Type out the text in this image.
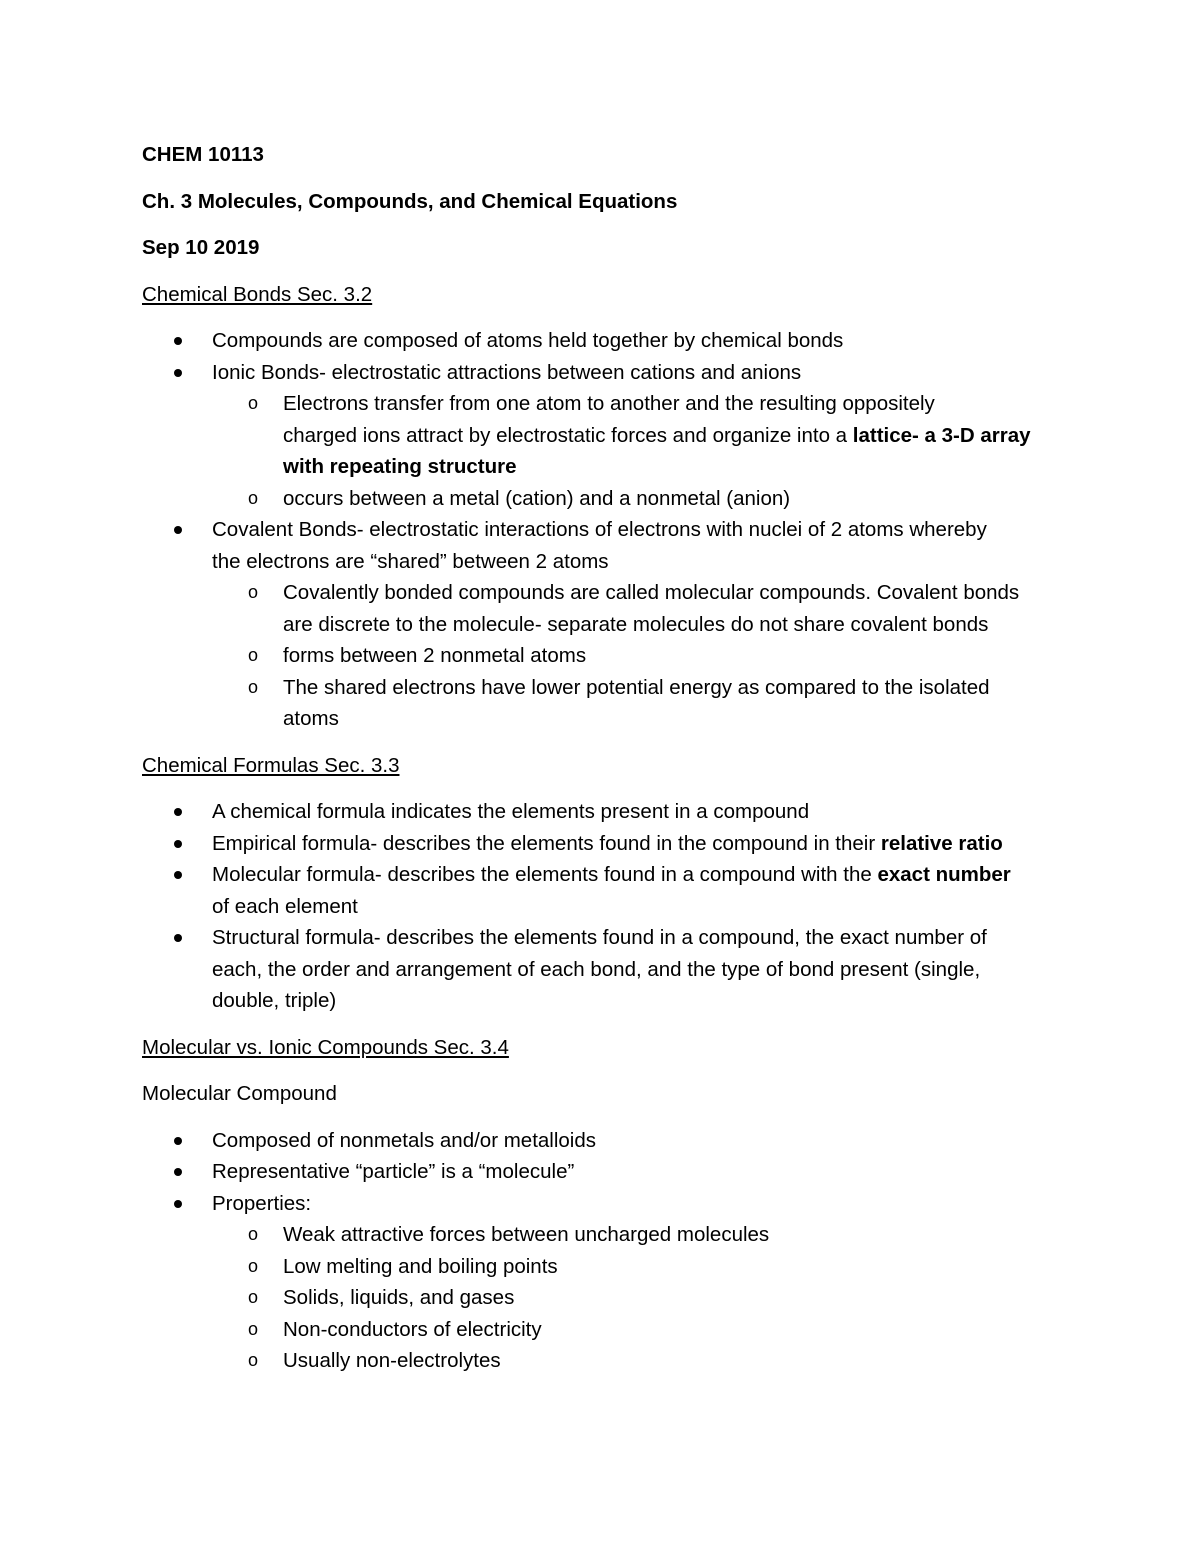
CHEM 10113
Ch. 3 Molecules, Compounds, and Chemical Equations
Sep 10 2019
Chemical Bonds Sec. 3.2
Compounds are composed of atoms held together by chemical bonds
Ionic Bonds- electrostatic attractions between cations and anions
o Electrons transfer from one atom to another and the resulting oppositely
charged ions attract by electrostatic forces and organize into a lattice- a 3-D array
with repeating structure
o occurs between a metal (cation) and a nonmetal (anion)
Covalent Bonds- electrostatic interactions of electrons with nuclei of 2 atoms whereby
the electrons are “shared” between 2 atoms
o Covalently bonded compounds are called molecular compounds. Covalent bonds
are discrete to the molecule- separate molecules do not share covalent bonds
o forms between 2 nonmetal atoms
o The shared electrons have lower potential energy as compared to the isolated
atoms
Chemical Formulas Sec. 3.3
A chemical formula indicates the elements present in a compound
Empirical formula- describes the elements found in the compound in their relative ratio
Molecular formula- describes the elements found in a compound with the exact number
of each element
Structural formula- describes the elements found in a compound, the exact number of
each, the order and arrangement of each bond, and the type of bond present (single,
double, triple)
Molecular vs. Ionic Compounds Sec. 3.4
Molecular Compound
Composed of nonmetals and/or metalloids
Representative “particle” is a “molecule”
Properties:
o Weak attractive forces between uncharged molecules
o Low melting and boiling points
o Solids, liquids, and gases
o Non-conductors of electricity
o Usually non-electrolytes
